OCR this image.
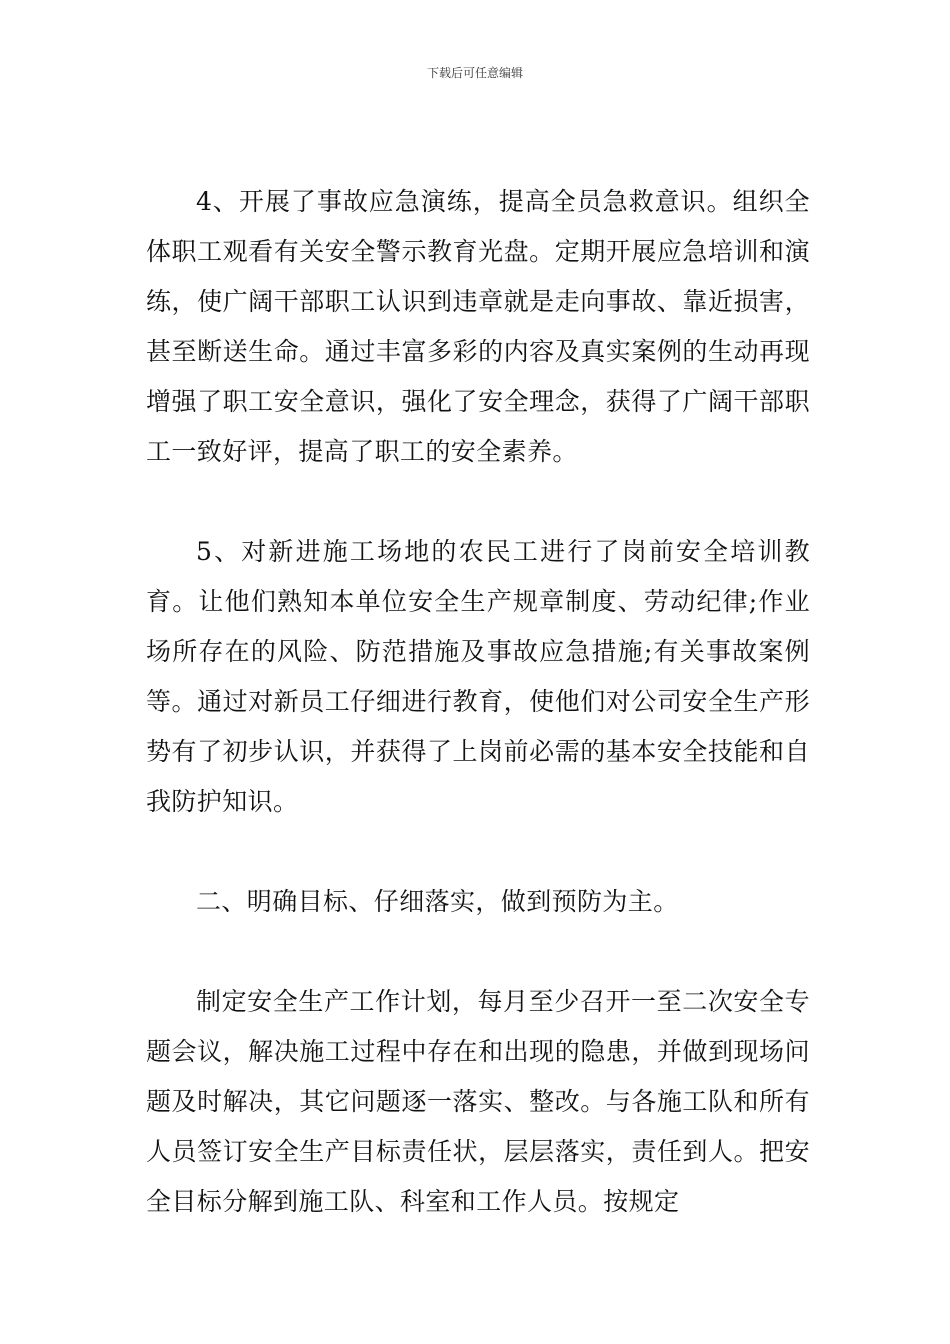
下载后可任意编辑

4、开展了事故应急演练，提高全员急救意识。组织全体职工观看有关安全警示教育光盘。定期开展应急培训和演练，使广阔干部职工认识到违章就是走向事故、靠近损害，甚至断送生命。通过丰富多彩的内容及真实案例的生动再现增强了职工安全意识，强化了安全理念，获得了广阔干部职工一致好评，提高了职工的安全素养。

5、对新进施工场地的农民工进行了岗前安全培训教育。让他们熟知本单位安全生产规章制度、劳动纪律;作业场所存在的风险、防范措施及事故应急措施;有关事故案例等。通过对新员工仔细进行教育，使他们对公司安全生产形势有了初步认识，并获得了上岗前必需的基本安全技能和自我防护知识。

二、明确目标、仔细落实，做到预防为主。

制定安全生产工作计划，每月至少召开一至二次安全专题会议，解决施工过程中存在和出现的隐患，并做到现场问题及时解决，其它问题逐一落实、整改。与各施工队和所有人员签订安全生产目标责任状，层层落实，责任到人。把安全目标分解到施工队、科室和工作人员。按规定
